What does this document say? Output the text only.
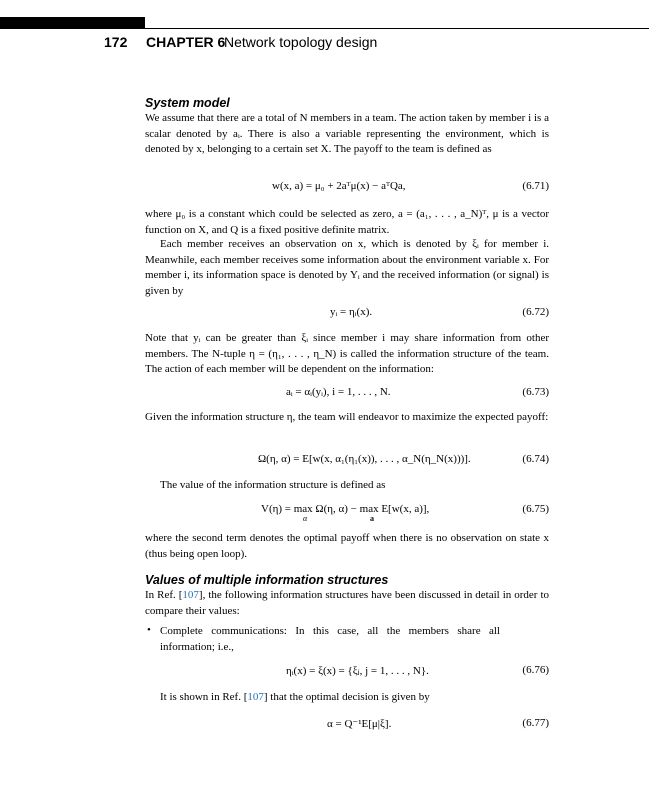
172 CHAPTER 6
Network topology design
System model
We assume that there are a total of N members in a team. The action taken by member i is a scalar denoted by aᵢ. There is also a variable representing the environment, which is denoted by x, belonging to a certain set X. The payoff to the team is defined as
w(x, a) = μ₀ + 2aᵀμ(x) − aᵀQa,	(6.71)
where μ₀ is a constant which could be selected as zero, a = (a₁, . . . , a_N)ᵀ, μ is a vector function on X, and Q is a fixed positive definite matrix.
Each member receives an observation on x, which is denoted by ξᵢ for member i. Meanwhile, each member receives some information about the environment variable x. For member i, its information space is denoted by Yᵢ and the received information (or signal) is given by
yᵢ = ηᵢ(x).	(6.72)
Note that yᵢ can be greater than ξᵢ since member i may share information from other members. The N-tuple η = (η₁, . . . , η_N) is called the information structure of the team. The action of each member will be dependent on the information:
aᵢ = αᵢ(yᵢ), i = 1, . . . , N.	(6.73)
Given the information structure η, the team will endeavor to maximize the expected payoff:
Ω(η, α) = E[w(x, α₁(η₁(x)), . . . , α_N(η_N(x)))].	(6.74)
The value of the information structure is defined as
V(η) = max Ω(η, α) − max E[w(x, a)],
α	a
(6.75)
where the second term denotes the optimal payoff when there is no observation on state x (thus being open loop).
Values of multiple information structures
In Ref. [107], the following information structures have been discussed in detail in order to compare their values:
• Complete communications: In this case, all the members share all information; i.e.,
ηᵢ(x) = ξ(x) = {ξⱼ, j = 1, . . . , N}.	(6.76)
It is shown in Ref. [107] that the optimal decision is given by
α = Q⁻¹E[μ|ξ].	(6.77)
